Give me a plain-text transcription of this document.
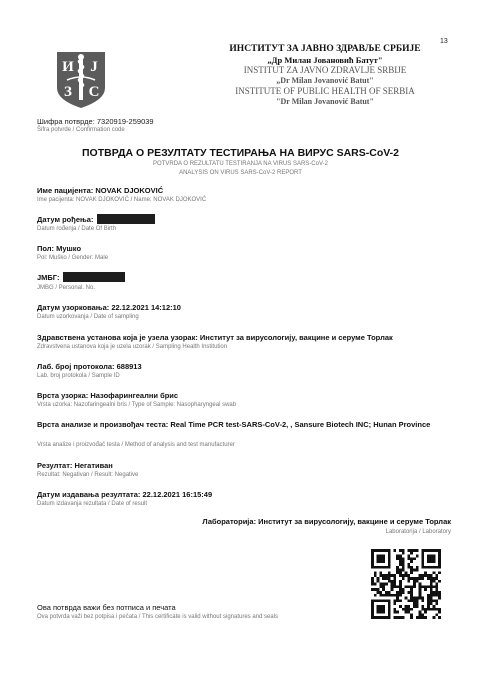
13
И J
З С
ИНСТИТУТ ЗА ЈАВНО ЗДРАВЉЕ СРБИЈЕ
„Др Милан Јовановић Батут"
INSTITUT ZA JAVNO ZDRAVLJE SRBIJE
„Dr Milan Jovanović Batut"
INSTITUTE OF PUBLIC HEALTH OF SERBIA
"Dr Milan Jovanović Batut"
Шифра потврде: 7320919-259039
Šifra potvrde / Confirmation code
ПОТВРДА О РЕЗУЛТАТУ ТЕСТИРАЊА НА ВИРУС SARS-CoV-2
POTVRDA O REZULTATU TESTIRANJA NA VIRUS SARS-CoV-2
ANALYSIS ON VIRUS SARS-CoV-2 REPORT
Име пацијента: NOVAK DJOKOVIĆ
Ime pacijenta: NOVAK DJOKOVIĆ / Name: NOVAK DJOKOVIĆ
Датум рођења:
Datum rođenja / Date Of Birth
Пол: Мушко
Pol: Muško / Gender: Male
ЈМБГ:
JMBG / Personal. No.
Датум узорковања: 22.12.2021 14:12:10
Datum uzorkovanja / Date of sampling
Здравствена установа која је узела узорак: Институт за вирусологију, вакцине и серуме Торлак
Zdravstvena ustanova koja je uzela uzorak / Sampling Health Institution
Лаб. број протокола: 688913
Lab. broj protokola / Sample ID
Врста узорка: Назофарингеални брис
Vrsta uzorka: Nazofaringealni bris / Type of Sample: Nasopharyngeal swab
Врста анализе и произвођач теста: Real Time PCR test-SARS-CoV-2, , Sansure Biotech INC; Hunan Province
Vrsta analize i proizvođač testa / Method of analysis and test manufacturer
Резултат: Негативан
Rezultat: Negativan / Result: Negative
Датум издавања резултата: 22.12.2021 16:15:49
Datum izdavanja rezultata / Date of result
Лабораторија: Институт за вирусологију, вакцине и серуме Торлак
Laboratorija / Laboratory
Ова потврда важи без потписа и печата
Ova potvrda važi bez potpisa i pečata / This certificate is valid without signatures and seals
